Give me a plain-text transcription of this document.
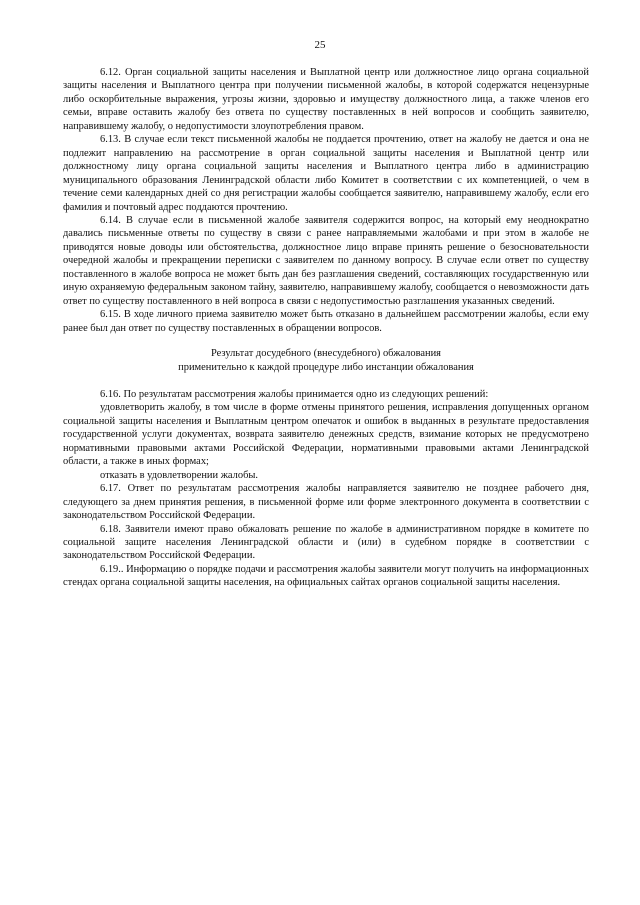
25

6.12. Орган социальной защиты населения и Выплатной центр или должностное лицо органа социальной защиты населения и Выплатного центра при получении письменной жалобы, в которой содержатся нецензурные либо оскорбительные выражения, угрозы жизни, здоровью и имуществу должностного лица, а также членов его семьи, вправе оставить жалобу без ответа по существу поставленных в ней вопросов и сообщить заявителю, направившему жалобу, о недопустимости злоупотребления правом.

6.13. В случае если текст письменной жалобы не поддается прочтению, ответ на жалобу не дается и она не подлежит направлению на рассмотрение в орган социальной защиты населения и Выплатной центр или должностному лицу органа социальной защиты населения и Выплатного центра либо в администрацию муниципального образования Ленинградской области либо Комитет в соответствии с их компетенцией, о чем в течение семи календарных дней со дня регистрации жалобы сообщается заявителю, направившему жалобу, если его фамилия и почтовый адрес поддаются прочтению.

6.14. В случае если в письменной жалобе заявителя содержится вопрос, на который ему неоднократно давались письменные ответы по существу в связи с ранее направляемыми жалобами и при этом в жалобе не приводятся новые доводы или обстоятельства, должностное лицо вправе принять решение о безосновательности очередной жалобы и прекращении переписки с заявителем по данному вопросу. В случае если ответ по существу поставленного в жалобе вопроса не может быть дан без разглашения сведений, составляющих государственную или иную охраняемую федеральным законом тайну, заявителю, направившему жалобу, сообщается о невозможности дать ответ по существу поставленного в ней вопроса в связи с недопустимостью разглашения указанных сведений.

6.15. В ходе личного приема заявителю может быть отказано в дальнейшем рассмотрении жалобы, если ему ранее был дан ответ по существу поставленных в обращении вопросов.

Результат досудебного (внесудебного) обжалования
применительно к каждой процедуре либо инстанции обжалования

6.16. По результатам рассмотрения жалобы принимается одно из следующих решений:

удовлетворить жалобу, в том числе в форме отмены принятого решения, исправления допущенных органом социальной защиты населения и Выплатным центром опечаток и ошибок в выданных в результате предоставления государственной услуги документах, возврата заявителю денежных средств, взимание которых не предусмотрено нормативными правовыми актами Российской Федерации, нормативными правовыми актами Ленинградской области, а также в иных формах;

отказать в удовлетворении жалобы.

6.17. Ответ по результатам рассмотрения жалобы направляется заявителю не позднее рабочего дня, следующего за днем принятия решения, в письменной форме или форме электронного документа в соответствии с законодательством Российской Федерации.

6.18. Заявители имеют право обжаловать решение по жалобе в административном порядке в комитете по социальной защите населения Ленинградской области и (или) в судебном порядке в соответствии с законодательством Российской Федерации.

6.19.. Информацию о порядке подачи и рассмотрения жалобы заявители могут получить на информационных стендах органа социальной защиты населения, на официальных сайтах органов социальной защиты населения.
